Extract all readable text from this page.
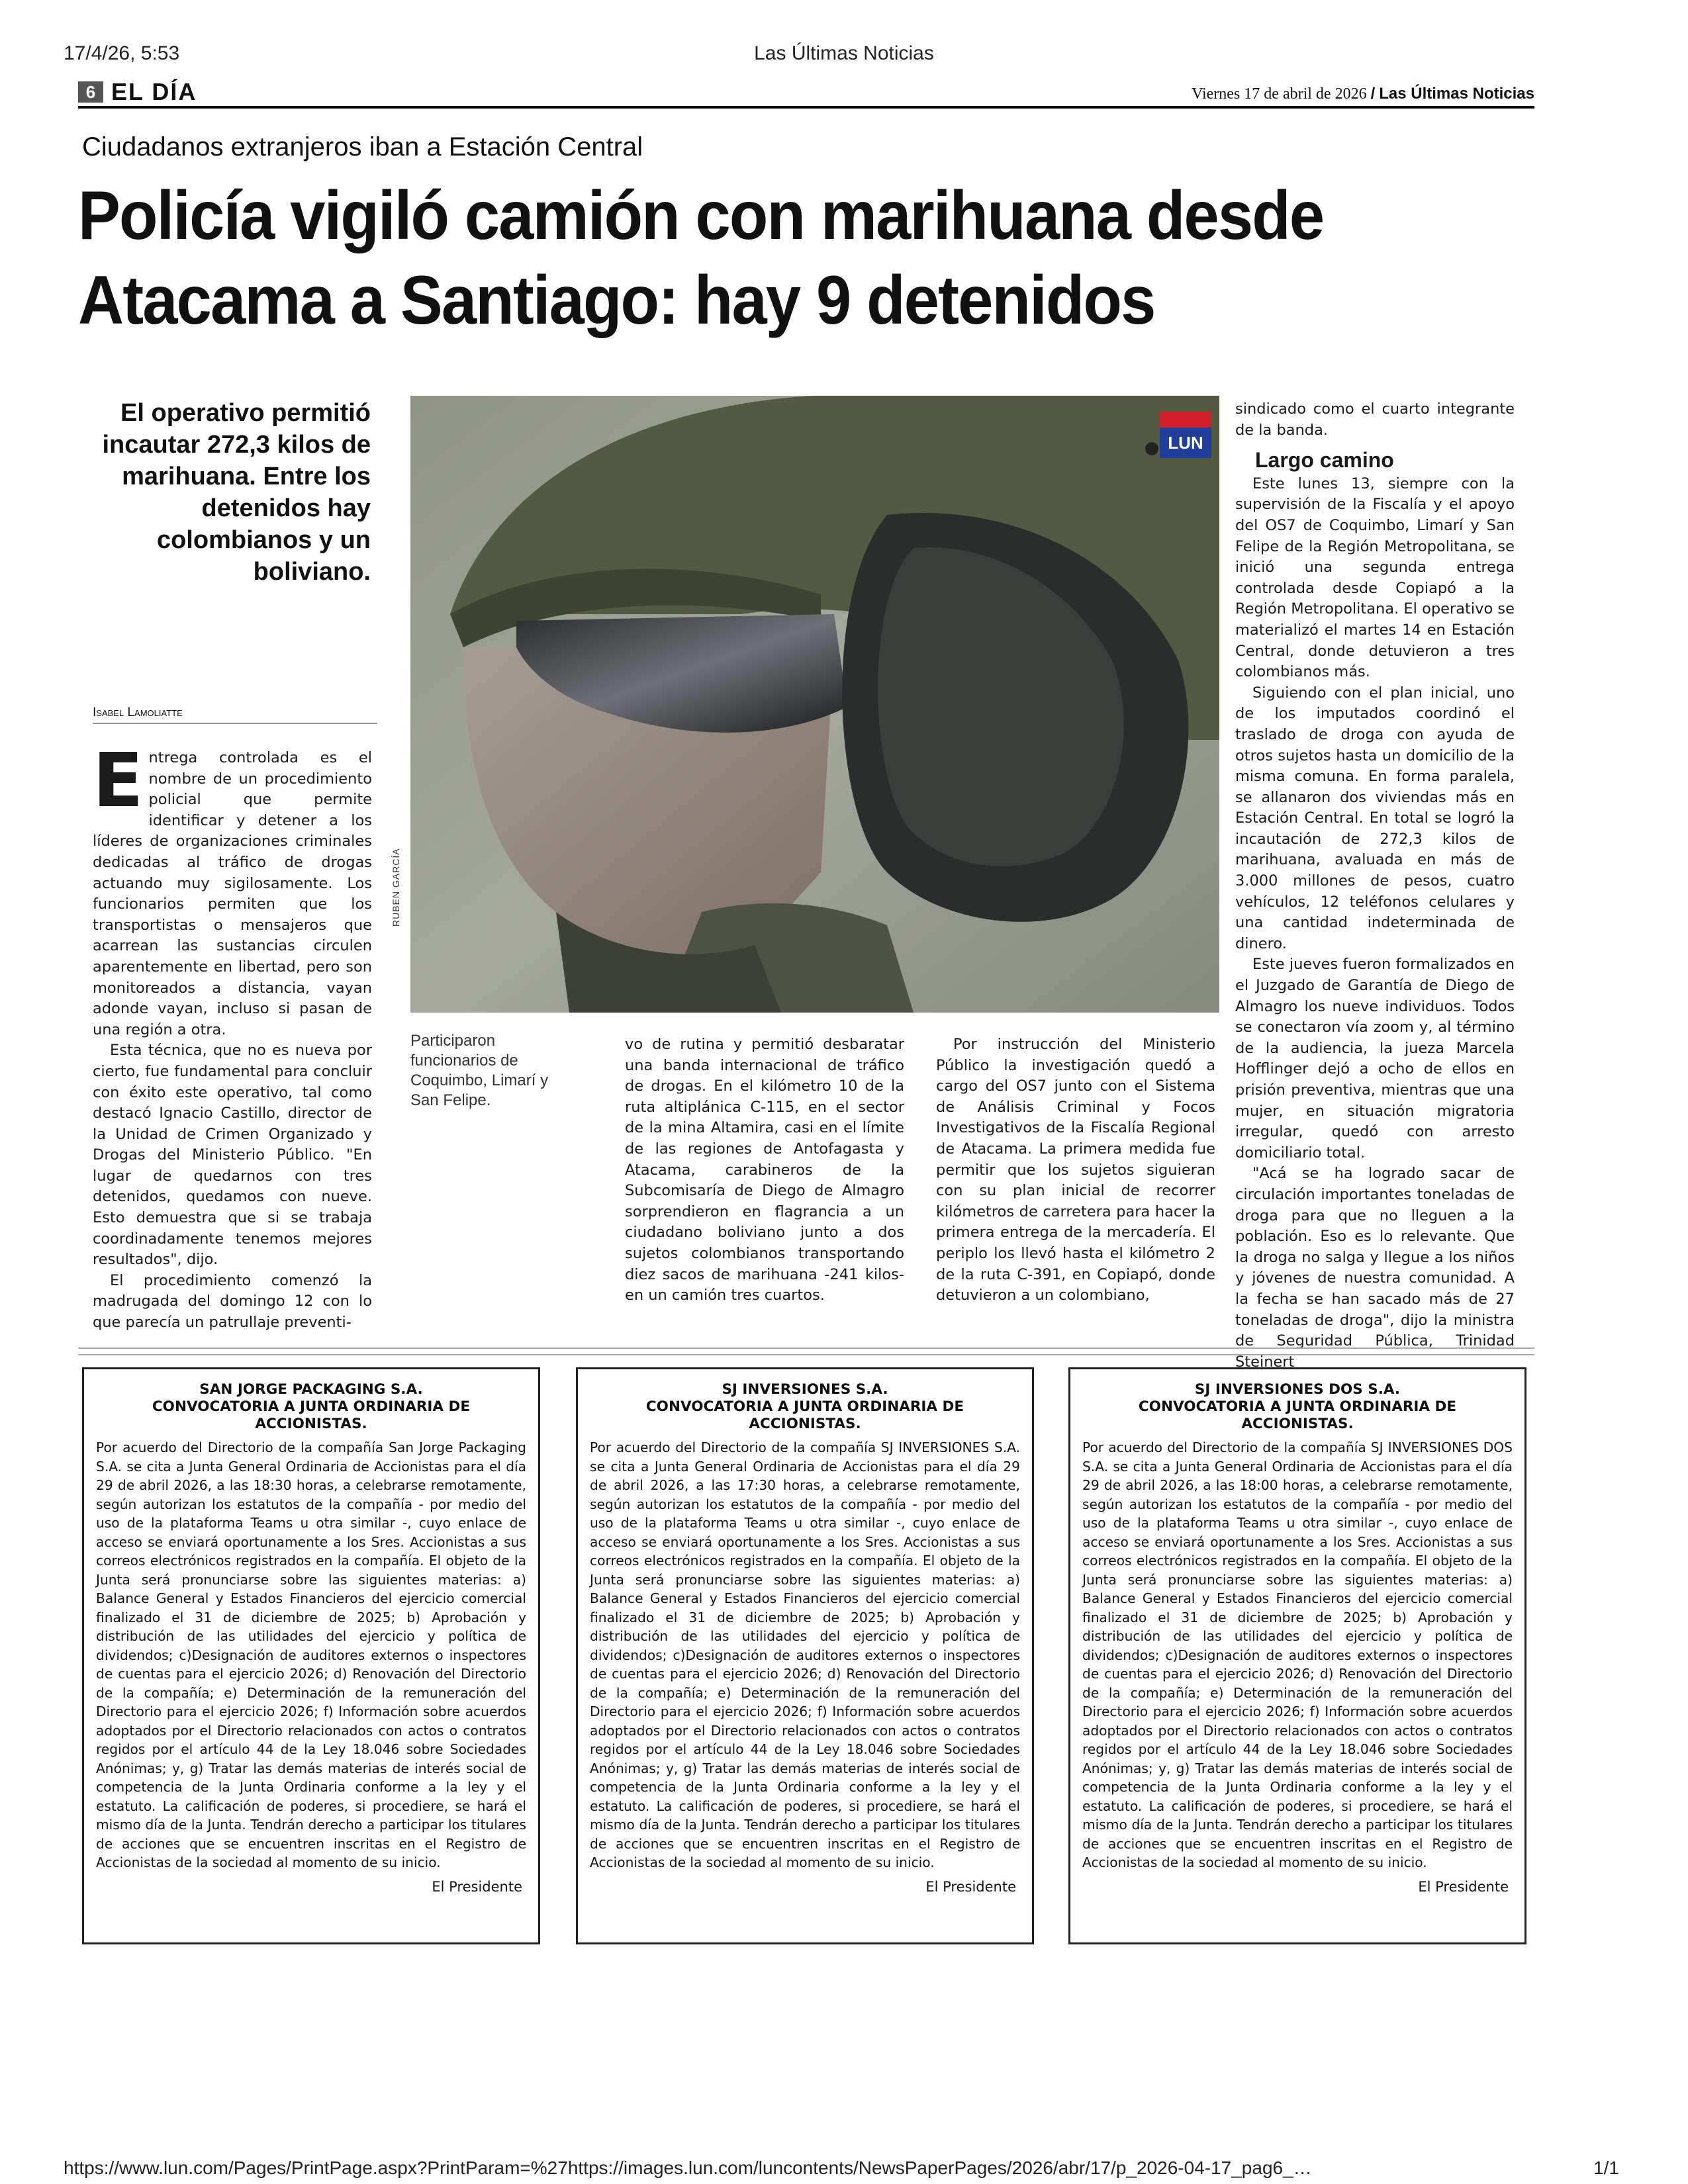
17/4/26, 5:53	Las Últimas Noticias
https://www.lun.com/Pages/PrintPage.aspx?PrintParam=%27https://images.lun.com/luncontents/NewsPaperPages/2026/abr/17/p_2026-04-17_pag6_…	1/1
6 EL DÍA	Viernes 17 de abril de 2026 / Las Últimas Noticias
Ciudadanos extranjeros iban a Estación Central
Policía vigiló camión con marihuana desde
Atacama a Santiago: hay 9 detenidos
El operativo permitió incautar 272,3 kilos de marihuana. Entre los detenidos hay colombianos y un boliviano.
Isabel Lamoliatte

Entrega controlada es el nombre de un procedimiento policial que permite identificar y detener a los líderes de organizaciones criminales dedicadas al tráfico de drogas actuando muy sigilosamente. Los funcionarios permiten que los transportistas o mensajeros que acarrean las sustancias circulen aparentemente en libertad, pero son monitoreados a distancia, vayan adonde vayan, incluso si pasan de una región a otra.

Esta técnica, que no es nueva por cierto, fue fundamental para concluir con éxito este operativo, tal como destacó Ignacio Castillo, director de la Unidad de Crimen Organizado y Drogas del Ministerio Público. "En lugar de quedarnos con tres detenidos, quedamos con nueve. Esto demuestra que si se trabaja coordinadamente tenemos mejores resultados", dijo.

El procedimiento comenzó la madrugada del domingo 12 con lo que parecía un patrullaje preventi-

LUN
RUBEN GARCÍA
Participaron funcionarios de Coquimbo, Limarí y San Felipe.

vo de rutina y permitió desbaratar una banda internacional de tráfico de drogas. En el kilómetro 10 de la ruta altiplánica C-115, en el sector de la mina Altamira, casi en el límite de las regiones de Antofagasta y Atacama, carabineros de la Subcomisaría de Diego de Almagro sorprendieron en flagrancia a un ciudadano boliviano junto a dos sujetos colombianos transportando diez sacos de marihuana -241 kilos- en un camión tres cuartos.

Por instrucción del Ministerio Público la investigación quedó a cargo del OS7 junto con el Sistema de Análisis Criminal y Focos Investigativos de la Fiscalía Regional de Atacama. La primera medida fue permitir que los sujetos siguieran con su plan inicial de recorrer kilómetros de carretera para hacer la primera entrega de la mercadería. El periplo los llevó hasta el kilómetro 2 de la ruta C-391, en Copiapó, donde detuvieron a un colombiano,

sindicado como el cuarto integrante de la banda.

Largo camino

Este lunes 13, siempre con la supervisión de la Fiscalía y el apoyo del OS7 de Coquimbo, Limarí y San Felipe de la Región Metropolitana, se inició una segunda entrega controlada desde Copiapó a la Región Metropolitana. El operativo se materializó el martes 14 en Estación Central, donde detuvieron a tres colombianos más.

Siguiendo con el plan inicial, uno de los imputados coordinó el traslado de droga con ayuda de otros sujetos hasta un domicilio de la misma comuna. En forma paralela, se allanaron dos viviendas más en Estación Central. En total se logró la incautación de 272,3 kilos de marihuana, avaluada en más de 3.000 millones de pesos, cuatro vehículos, 12 teléfonos celulares y una cantidad indeterminada de dinero.

Este jueves fueron formalizados en el Juzgado de Garantía de Diego de Almagro los nueve individuos. Todos se conectaron vía zoom y, al término de la audiencia, la jueza Marcela Hofflinger dejó a ocho de ellos en prisión preventiva, mientras que una mujer, en situación migratoria irregular, quedó con arresto domiciliario total.

"Acá se ha logrado sacar de circulación importantes toneladas de droga para que no lleguen a la población. Eso es lo relevante. Que la droga no salga y llegue a los niños y jóvenes de nuestra comunidad. A la fecha se han sacado más de 27 toneladas de droga", dijo la ministra de Seguridad Pública, Trinidad Steinert

SAN JORGE PACKAGING S.A.
CONVOCATORIA A JUNTA ORDINARIA DE ACCIONISTAS.
Por acuerdo del Directorio de la compañía San Jorge Packaging S.A. se cita a Junta General Ordinaria de Accionistas para el día 29 de abril 2026, a las 18:30 horas, a celebrarse remotamente, según autorizan los estatutos de la compañía - por medio del uso de la plataforma Teams u otra similar -, cuyo enlace de acceso se enviará oportunamente a los Sres. Accionistas a sus correos electrónicos registrados en la compañía. El objeto de la Junta será pronunciarse sobre las siguientes materias: a) Balance General y Estados Financieros del ejercicio comercial finalizado el 31 de diciembre de 2025; b) Aprobación y distribución de las utilidades del ejercicio y política de dividendos; c)Designación de auditores externos o inspectores de cuentas para el ejercicio 2026; d) Renovación del Directorio de la compañía; e) Determinación de la remuneración del Directorio para el ejercicio 2026; f) Información sobre acuerdos adoptados por el Directorio relacionados con actos o contratos regidos por el artículo 44 de la Ley 18.046 sobre Sociedades Anónimas; y, g) Tratar las demás materias de interés social de competencia de la Junta Ordinaria conforme a la ley y el estatuto. La calificación de poderes, si procediere, se hará el mismo día de la Junta. Tendrán derecho a participar los titulares de acciones que se encuentren inscritas en el Registro de Accionistas de la sociedad al momento de su inicio.
El Presidente
SJ INVERSIONES S.A.
CONVOCATORIA A JUNTA ORDINARIA DE ACCIONISTAS.
Por acuerdo del Directorio de la compañía SJ INVERSIONES S.A. se cita a Junta General Ordinaria de Accionistas para el día 29 de abril 2026, a las 17:30 horas, a celebrarse remotamente, según autorizan los estatutos de la compañía - por medio del uso de la plataforma Teams u otra similar -, cuyo enlace de acceso se enviará oportunamente a los Sres. Accionistas a sus correos electrónicos registrados en la compañía. El objeto de la Junta será pronunciarse sobre las siguientes materias: a) Balance General y Estados Financieros del ejercicio comercial finalizado el 31 de diciembre de 2025; b) Aprobación y distribución de las utilidades del ejercicio y política de dividendos; c)Designación de auditores externos o inspectores de cuentas para el ejercicio 2026; d) Renovación del Directorio de la compañía; e) Determinación de la remuneración del Directorio para el ejercicio 2026; f) Información sobre acuerdos adoptados por el Directorio relacionados con actos o contratos regidos por el artículo 44 de la Ley 18.046 sobre Sociedades Anónimas; y, g) Tratar las demás materias de interés social de competencia de la Junta Ordinaria conforme a la ley y el estatuto. La calificación de poderes, si procediere, se hará el mismo día de la Junta. Tendrán derecho a participar los titulares de acciones que se encuentren inscritas en el Registro de Accionistas de la sociedad al momento de su inicio.
El Presidente
SJ INVERSIONES DOS S.A.
CONVOCATORIA A JUNTA ORDINARIA DE ACCIONISTAS.
Por acuerdo del Directorio de la compañía SJ INVERSIONES DOS S.A. se cita a Junta General Ordinaria de Accionistas para el día 29 de abril 2026, a las 18:00 horas, a celebrarse remotamente, según autorizan los estatutos de la compañía - por medio del uso de la plataforma Teams u otra similar -, cuyo enlace de acceso se enviará oportunamente a los Sres. Accionistas a sus correos electrónicos registrados en la compañía. El objeto de la Junta será pronunciarse sobre las siguientes materias: a) Balance General y Estados Financieros del ejercicio comercial finalizado el 31 de diciembre de 2025; b) Aprobación y distribución de las utilidades del ejercicio y política de dividendos; c)Designación de auditores externos o inspectores de cuentas para el ejercicio 2026; d) Renovación del Directorio de la compañía; e) Determinación de la remuneración del Directorio para el ejercicio 2026; f) Información sobre acuerdos adoptados por el Directorio relacionados con actos o contratos regidos por el artículo 44 de la Ley 18.046 sobre Sociedades Anónimas; y, g) Tratar las demás materias de interés social de competencia de la Junta Ordinaria conforme a la ley y el estatuto. La calificación de poderes, si procediere, se hará el mismo día de la Junta. Tendrán derecho a participar los titulares de acciones que se encuentren inscritas en el Registro de Accionistas de la sociedad al momento de su inicio.
El Presidente
